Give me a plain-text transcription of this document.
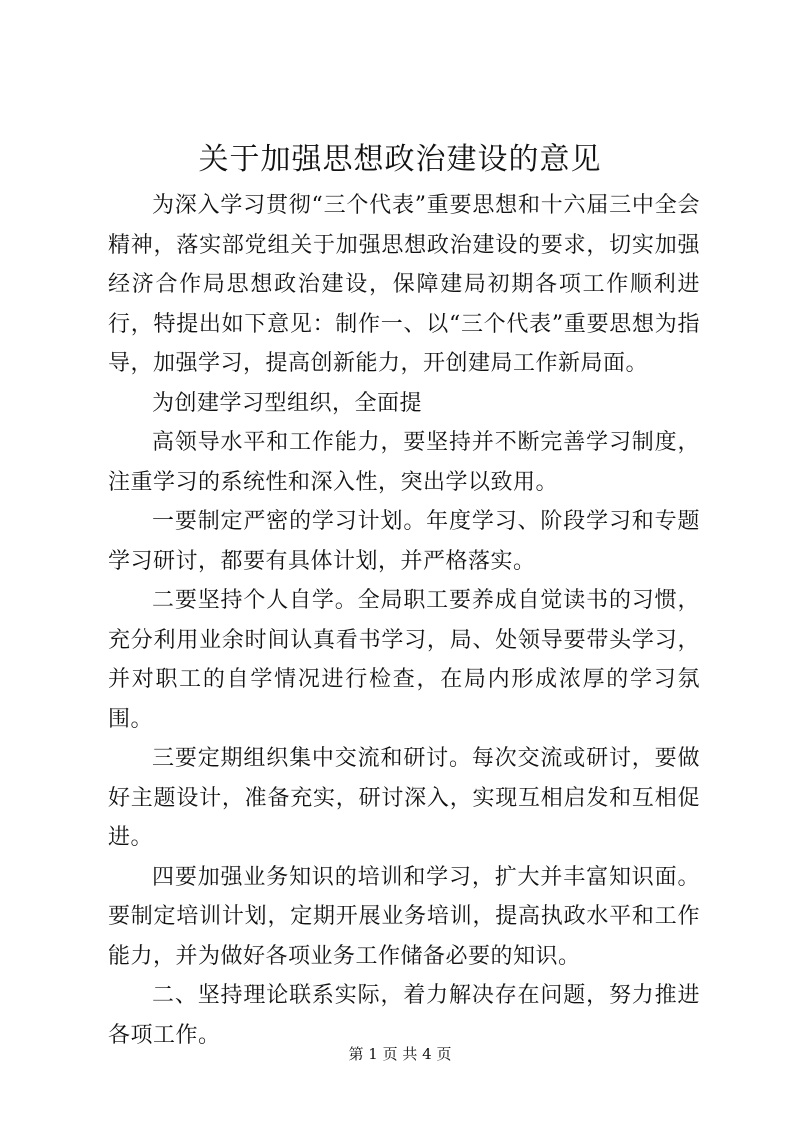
关于加强思想政治建设的意见

为深入学习贯彻“三个代表”重要思想和十六届三中全会精神，落实部党组关于加强思想政治建设的要求，切实加强经济合作局思想政治建设，保障建局初期各项工作顺利进行，特提出如下意见：制作一、以“三个代表”重要思想为指导，加强学习，提高创新能力，开创建局工作新局面。

为创建学习型组织，全面提

高领导水平和工作能力，要坚持并不断完善学习制度，注重学习的系统性和深入性，突出学以致用。

一要制定严密的学习计划。年度学习、阶段学习和专题学习研讨，都要有具体计划，并严格落实。

二要坚持个人自学。全局职工要养成自觉读书的习惯，充分利用业余时间认真看书学习，局、处领导要带头学习，并对职工的自学情况进行检查，在局内形成浓厚的学习氛围。

三要定期组织集中交流和研讨。每次交流或研讨，要做好主题设计，准备充实，研讨深入，实现互相启发和互相促进。

四要加强业务知识的培训和学习，扩大并丰富知识面。要制定培训计划，定期开展业务培训，提高执政水平和工作能力，并为做好各项业务工作储备必要的知识。

二、坚持理论联系实际，着力解决存在问题，努力推进各项工作。

第 1 页 共 4 页
